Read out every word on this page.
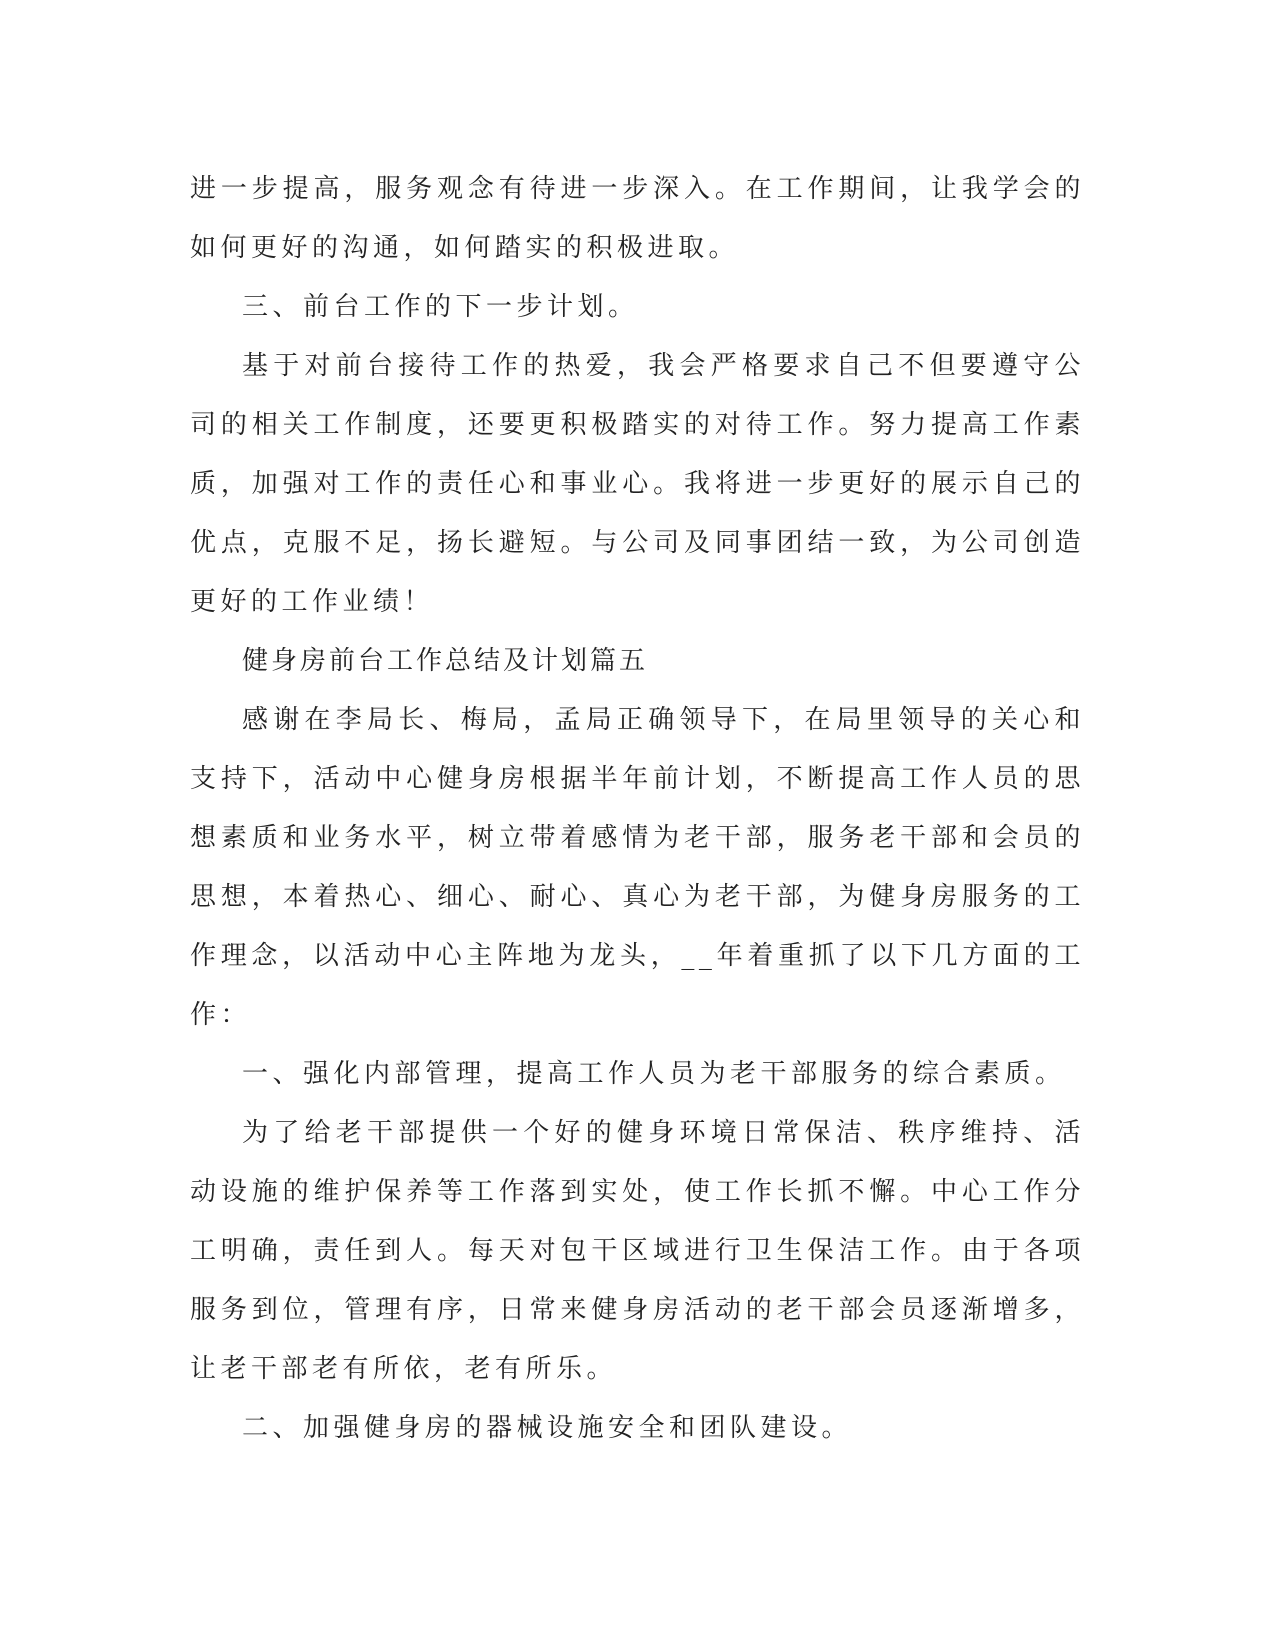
进一步提高，服务观念有待进一步深入。在工作期间，让我学会的如何更好的沟通，如何踏实的积极进取。

三、前台工作的下一步计划。

基于对前台接待工作的热爱，我会严格要求自己不但要遵守公司的相关工作制度，还要更积极踏实的对待工作。努力提高工作素质，加强对工作的责任心和事业心。我将进一步更好的展示自己的优点，克服不足，扬长避短。与公司及同事团结一致，为公司创造更好的工作业绩！

健身房前台工作总结及计划篇五

感谢在李局长、梅局，孟局正确领导下，在局里领导的关心和支持下，活动中心健身房根据半年前计划，不断提高工作人员的思想素质和业务水平，树立带着感情为老干部，服务老干部和会员的思想，本着热心、细心、耐心、真心为老干部，为健身房服务的工作理念，以活动中心主阵地为龙头，__年着重抓了以下几方面的工作：

一、强化内部管理，提高工作人员为老干部服务的综合素质。

为了给老干部提供一个好的健身环境日常保洁、秩序维持、活动设施的维护保养等工作落到实处，使工作长抓不懈。中心工作分工明确，责任到人。每天对包干区域进行卫生保洁工作。由于各项服务到位，管理有序，日常来健身房活动的老干部会员逐渐增多，让老干部老有所依，老有所乐。

二、加强健身房的器械设施安全和团队建设。
